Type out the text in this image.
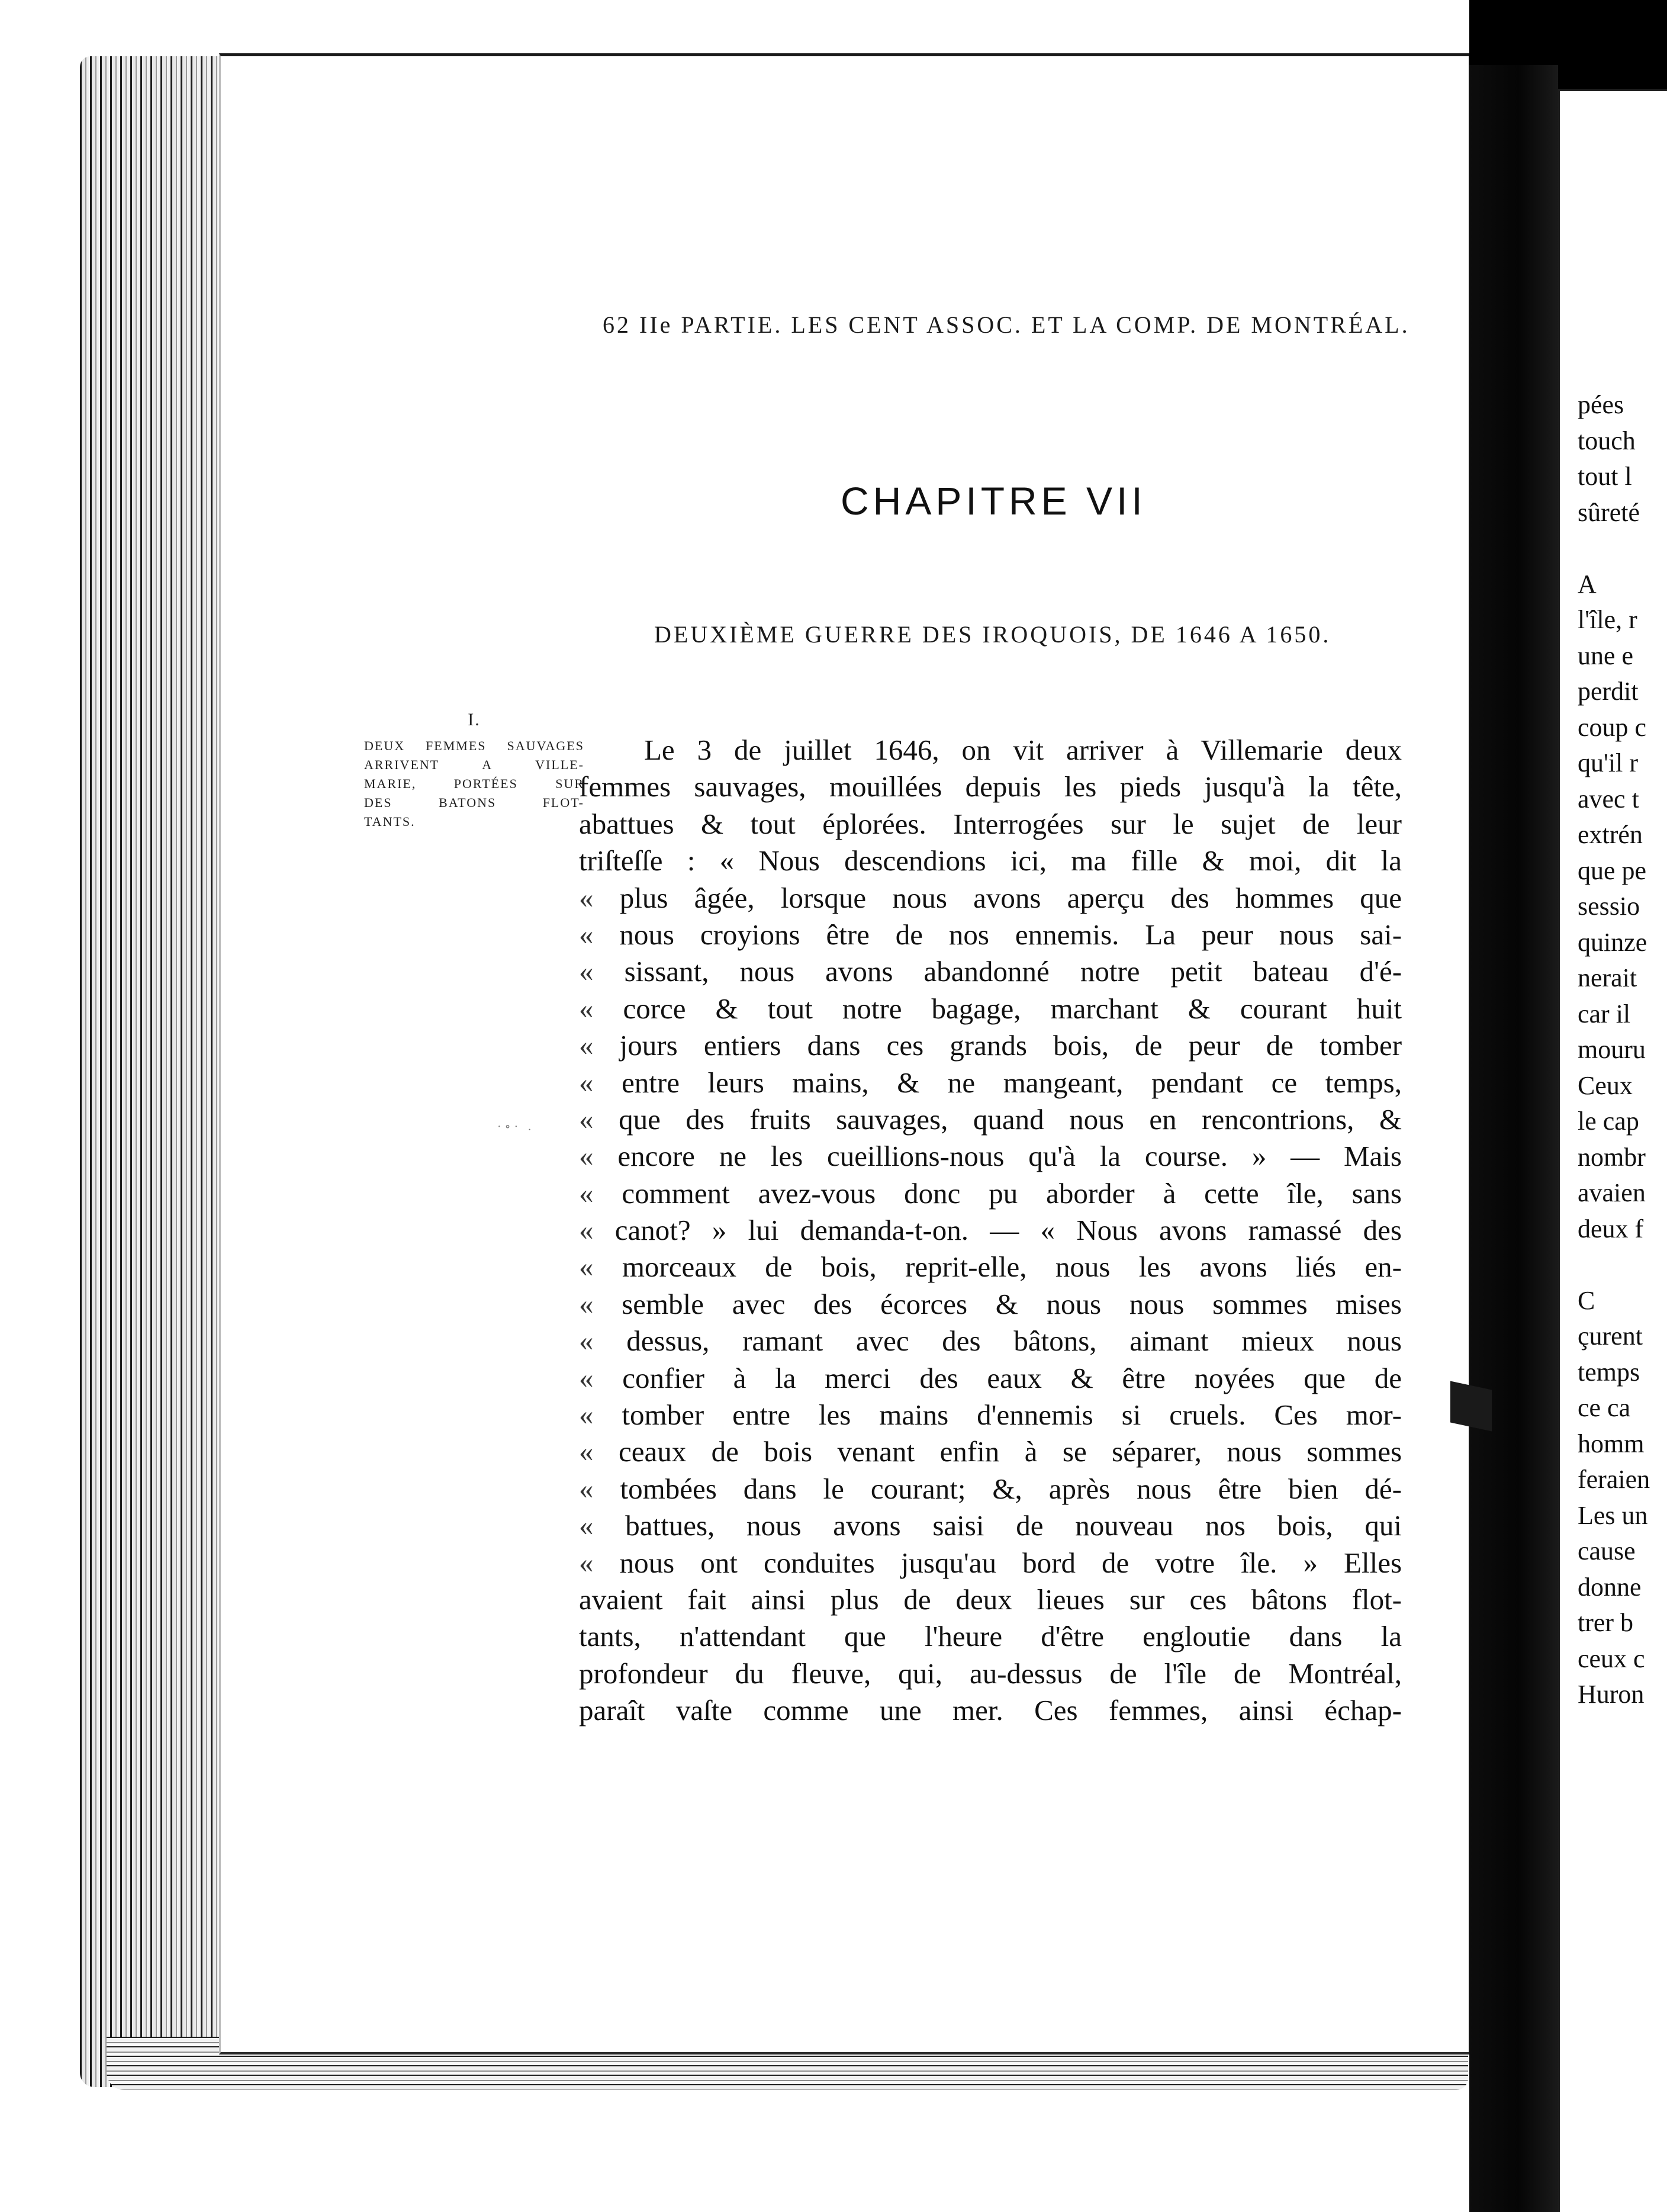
62 IIe PARTIE. LES CENT ASSOC. ET LA COMP. DE MONTRÉAL.
CHAPITRE VII
DEUXIÈME GUERRE DES IROQUOIS, DE 1646 A 1650.
I.
DEUX FEMMES SAUVAGES
ARRIVENT A VILLE-
MARIE, PORTÉES SUR
DES BATONS FLOT-
TANTS.
·∘· .
Le 3 de juillet 1646, on vit arriver à Villemarie deux
femmes sauvages, mouillées depuis les pieds jusqu'à la tête,
abattues & tout éplorées. Interrogées sur le sujet de leur
triſteſſe : « Nous descendions ici, ma fille & moi, dit la
« plus âgée, lorsque nous avons aperçu des hommes que
« nous croyions être de nos ennemis. La peur nous sai-
« sissant, nous avons abandonné notre petit bateau d'é-
« corce & tout notre bagage, marchant & courant huit
« jours entiers dans ces grands bois, de peur de tomber
« entre leurs mains, & ne mangeant, pendant ce temps,
« que des fruits sauvages, quand nous en rencontrions, &
« encore ne les cueillions-nous qu'à la course. » — Mais
« comment avez-vous donc pu aborder à cette île, sans
« canot? » lui demanda-t-on. — « Nous avons ramassé des
« morceaux de bois, reprit-elle, nous les avons liés en-
« semble avec des écorces & nous nous sommes mises
« dessus, ramant avec des bâtons, aimant mieux nous
« confier à la merci des eaux & être noyées que de
« tomber entre les mains d'ennemis si cruels. Ces mor-
« ceaux de bois venant enfin à se séparer, nous sommes
« tombées dans le courant; &, après nous être bien dé-
« battues, nous avons saisi de nouveau nos bois, qui
« nous ont conduites jusqu'au bord de votre île. » Elles
avaient fait ainsi plus de deux lieues sur ces bâtons flot-
tants, n'attendant que l'heure d'être engloutie dans la
profondeur du fleuve, qui, au-dessus de l'île de Montréal,
paraît vaſte comme une mer. Ces femmes, ainsi échap-
pées
touch
tout l
sûreté
A
l'île, r
une e
perdit
coup c
qu'il r
avec t
extrén
que pe
sessio
quinze
nerait
car il
mouru
Ceux
le cap
nombr
avaien
deux f
C
çurent
temps
ce ca
homm
feraien
Les un
cause
donne
trer b
ceux c
Huron
